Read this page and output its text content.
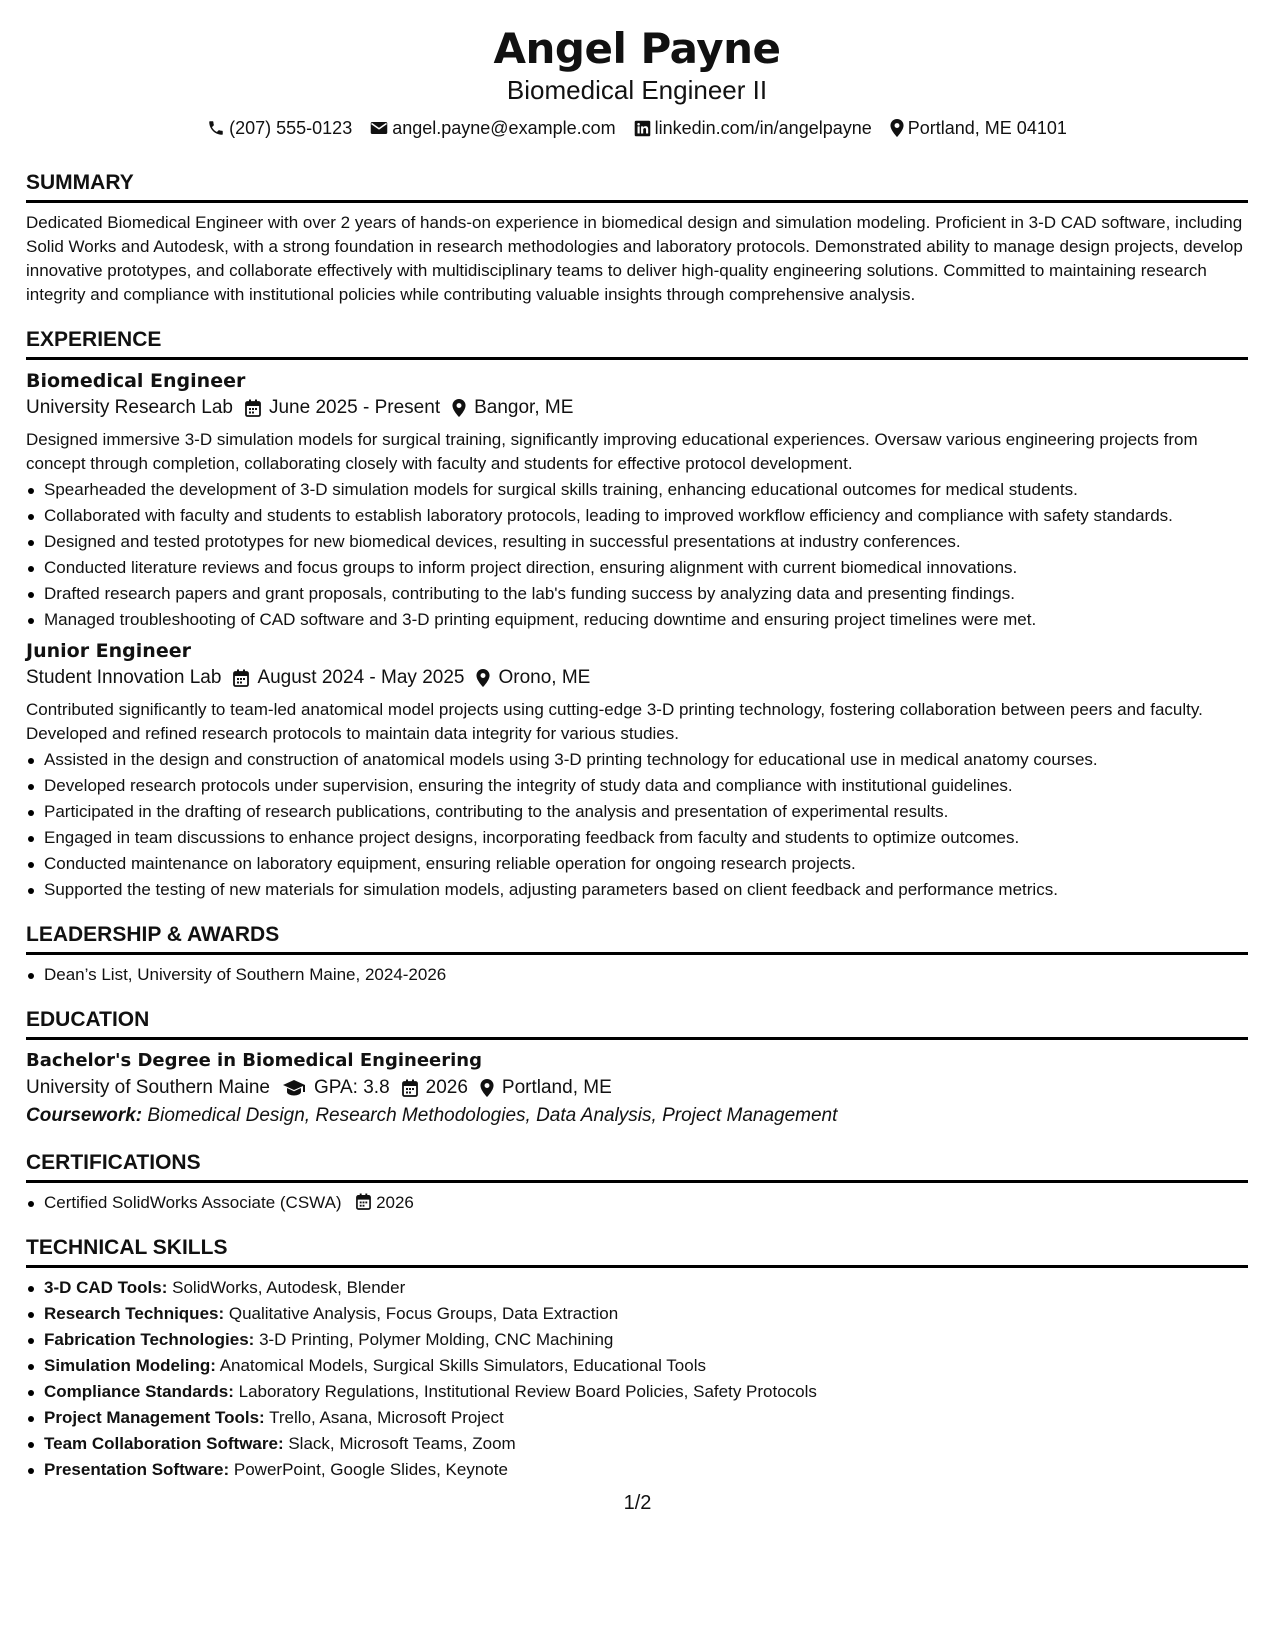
Angel Payne
Biomedical Engineer II
(207) 555-0123 angel.payne@example.com linkedin.com/in/angelpayne Portland, ME 04101
SUMMARY
Dedicated Biomedical Engineer with over 2 years of hands-on experience in biomedical design and simulation modeling. Proficient in 3-D CAD software, including Solid Works and Autodesk, with a strong foundation in research methodologies and laboratory protocols. Demonstrated ability to manage design projects, develop innovative prototypes, and collaborate effectively with multidisciplinary teams to deliver high-quality engineering solutions. Committed to maintaining research integrity and compliance with institutional policies while contributing valuable insights through comprehensive analysis.
EXPERIENCE
Biomedical Engineer
University Research Lab June 2025 - Present Bangor, ME
Designed immersive 3-D simulation models for surgical training, significantly improving educational experiences. Oversaw various engineering projects from concept through completion, collaborating closely with faculty and students for effective protocol development.
Spearheaded the development of 3-D simulation models for surgical skills training, enhancing educational outcomes for medical students.
Collaborated with faculty and students to establish laboratory protocols, leading to improved workflow efficiency and compliance with safety standards.
Designed and tested prototypes for new biomedical devices, resulting in successful presentations at industry conferences.
Conducted literature reviews and focus groups to inform project direction, ensuring alignment with current biomedical innovations.
Drafted research papers and grant proposals, contributing to the lab's funding success by analyzing data and presenting findings.
Managed troubleshooting of CAD software and 3-D printing equipment, reducing downtime and ensuring project timelines were met.
Junior Engineer
Student Innovation Lab August 2024 - May 2025 Orono, ME
Contributed significantly to team-led anatomical model projects using cutting-edge 3-D printing technology, fostering collaboration between peers and faculty. Developed and refined research protocols to maintain data integrity for various studies.
Assisted in the design and construction of anatomical models using 3-D printing technology for educational use in medical anatomy courses.
Developed research protocols under supervision, ensuring the integrity of study data and compliance with institutional guidelines.
Participated in the drafting of research publications, contributing to the analysis and presentation of experimental results.
Engaged in team discussions to enhance project designs, incorporating feedback from faculty and students to optimize outcomes.
Conducted maintenance on laboratory equipment, ensuring reliable operation for ongoing research projects.
Supported the testing of new materials for simulation models, adjusting parameters based on client feedback and performance metrics.
LEADERSHIP & AWARDS
Dean’s List, University of Southern Maine, 2024-2026
EDUCATION
Bachelor's Degree in Biomedical Engineering
University of Southern Maine GPA: 3.8 2026 Portland, ME
Coursework: Biomedical Design, Research Methodologies, Data Analysis, Project Management
CERTIFICATIONS
Certified SolidWorks Associate (CSWA) 2026
TECHNICAL SKILLS
3-D CAD Tools: SolidWorks, Autodesk, Blender
Research Techniques: Qualitative Analysis, Focus Groups, Data Extraction
Fabrication Technologies: 3-D Printing, Polymer Molding, CNC Machining
Simulation Modeling: Anatomical Models, Surgical Skills Simulators, Educational Tools
Compliance Standards: Laboratory Regulations, Institutional Review Board Policies, Safety Protocols
Project Management Tools: Trello, Asana, Microsoft Project
Team Collaboration Software: Slack, Microsoft Teams, Zoom
Presentation Software: PowerPoint, Google Slides, Keynote
1/2
